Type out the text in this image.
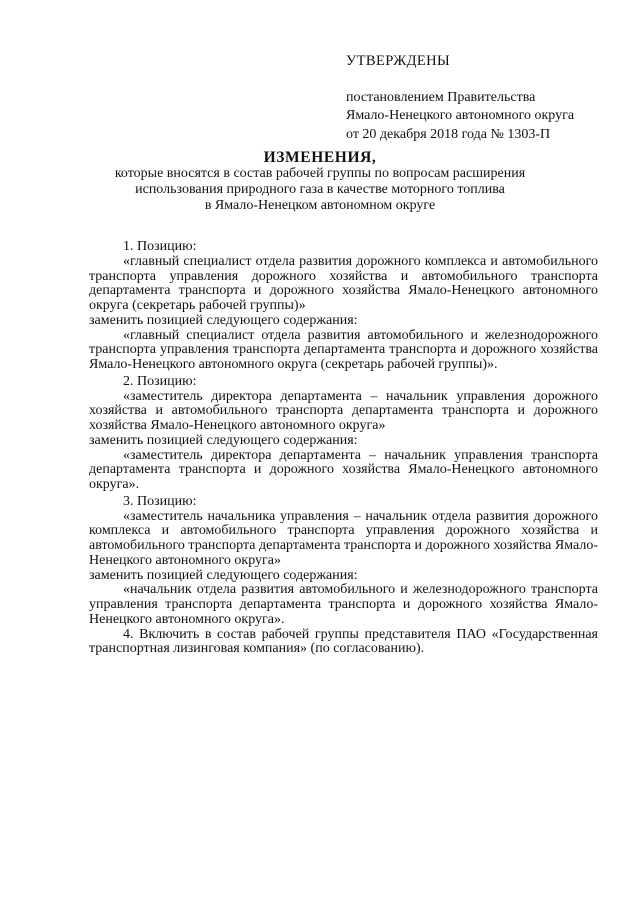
УТВЕРЖДЕНЫ
постановлением Правительства
Ямало-Ненецкого автономного округа
от 20 декабря 2018 года № 1303-П
ИЗМЕНЕНИЯ,
которые вносятся в состав рабочей группы по вопросам расширения
использования природного газа в качестве моторного топлива
в Ямало-Ненецком автономном округе

1. Позицию:

«главный специалист отдела развития дорожного комплекса и автомобильного транспорта управления дорожного хозяйства и автомобильного транспорта департамента транспорта и дорожного хозяйства Ямало-Ненецкого автономного округа (секретарь рабочей группы)»

заменить позицией следующего содержания:

«главный специалист отдела развития автомобильного и железнодорожного транспорта управления транспорта департамента транспорта и дорожного хозяйства Ямало-Ненецкого автономного округа (секретарь рабочей группы)».

2. Позицию:

«заместитель директора департамента – начальник управления дорожного хозяйства и автомобильного транспорта департамента транспорта и дорожного хозяйства Ямало-Ненецкого автономного округа»

заменить позицией следующего содержания:

«заместитель директора департамента – начальник управления транспорта департамента транспорта и дорожного хозяйства Ямало-Ненецкого автономного округа».

3. Позицию:

«заместитель начальника управления – начальник отдела развития дорожного комплекса и автомобильного транспорта управления дорожного хозяйства и автомобильного транспорта департамента транспорта и дорожного хозяйства Ямало-Ненецкого автономного округа»

заменить позицией следующего содержания:

«начальник отдела развития автомобильного и железнодорожного транспорта управления транспорта департамента транспорта и дорожного хозяйства Ямало-Ненецкого автономного округа».

4. Включить в состав рабочей группы представителя ПАО «Государственная транспортная лизинговая компания» (по согласованию).
